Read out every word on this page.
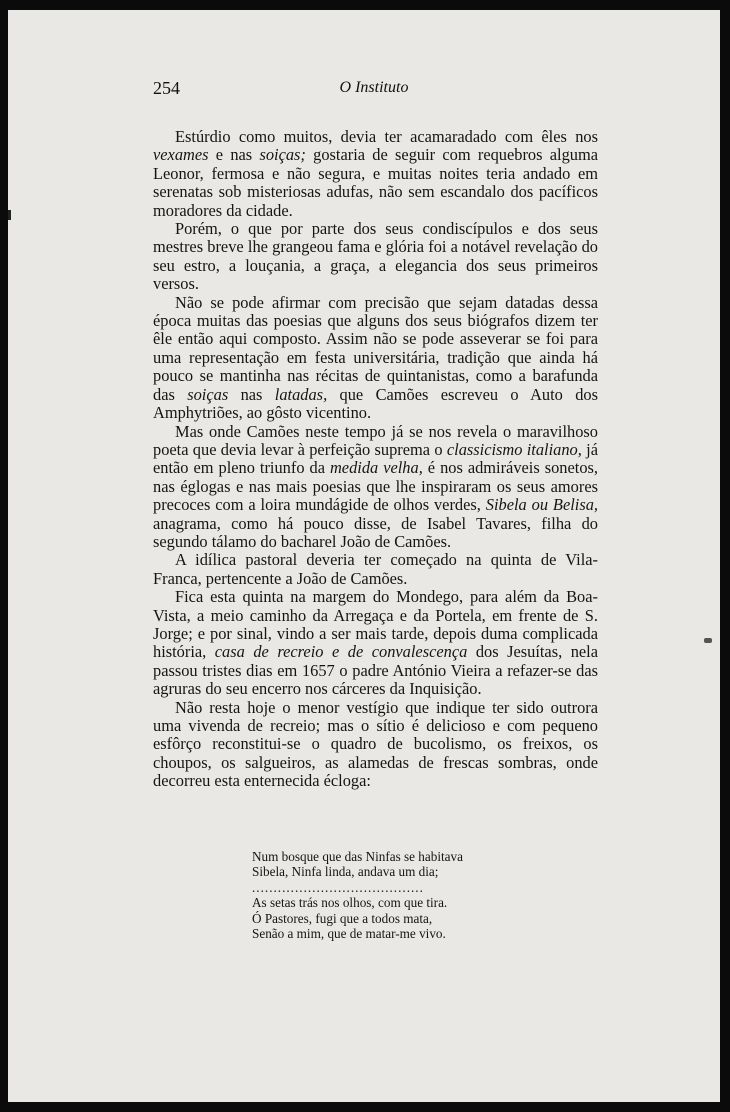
254	O Instituto

Estúrdio como muitos, devia ter acamaradado com êles nos vexames e nas soiças; gostaria de seguir com requebros alguma Leonor, fermosa e não segura, e muitas noites teria andado em serenatas sob misteriosas adufas, não sem escandalo dos pacíficos moradores da cidade.

Porém, o que por parte dos seus condiscípulos e dos seus mestres breve lhe grangeou fama e glória foi a notável revelação do seu estro, a louçania, a graça, a elegancia dos seus primeiros versos.

Não se pode afirmar com precisão que sejam datadas dessa época muitas das poesias que alguns dos seus biógrafos dizem ter êle então aqui composto. Assim não se pode asseverar se foi para uma representação em festa universitária, tradição que ainda há pouco se mantinha nas récitas de quintanistas, como a barafunda das soiças nas latadas, que Camões escreveu o Auto dos Amphytriões, ao gôsto vicentino.

Mas onde Camões neste tempo já se nos revela o maravilhoso poeta que devia levar à perfeição suprema o classicismo italiano, já então em pleno triunfo da medida velha, é nos admiráveis sonetos, nas églogas e nas mais poesias que lhe inspiraram os seus amores precoces com a loira mundágide de olhos verdes, Sibela ou Belisa, anagrama, como há pouco disse, de Isabel Tavares, filha do segundo tálamo do bacharel João de Camões.

A idílica pastoral deveria ter começado na quinta de Vila-Franca, pertencente a João de Camões.

Fica esta quinta na margem do Mondego, para além da Boa-Vista, a meio caminho da Arregaça e da Portela, em frente de S. Jorge; e por sinal, vindo a ser mais tarde, depois duma complicada história, casa de recreio e de convalescença dos Jesuítas, nela passou tristes dias em 1657 o padre António Vieira a refazer-se das agruras do seu encerro nos cárceres da Inquisição.

Não resta hoje o menor vestígio que indique ter sido outrora uma vivenda de recreio; mas o sítio é delicioso e com pequeno esfôrço reconstitui-se o quadro de bucolismo, os freixos, os choupos, os salgueiros, as alamedas de frescas sombras, onde decorreu esta enternecida écloga:

Num bosque que das Ninfas se habitava
Sibela, Ninfa linda, andava um dia;
........................................
As setas trás nos olhos, com que tira.
Ó Pastores, fugi que a todos mata,
Senão a mim, que de matar-me vivo.
